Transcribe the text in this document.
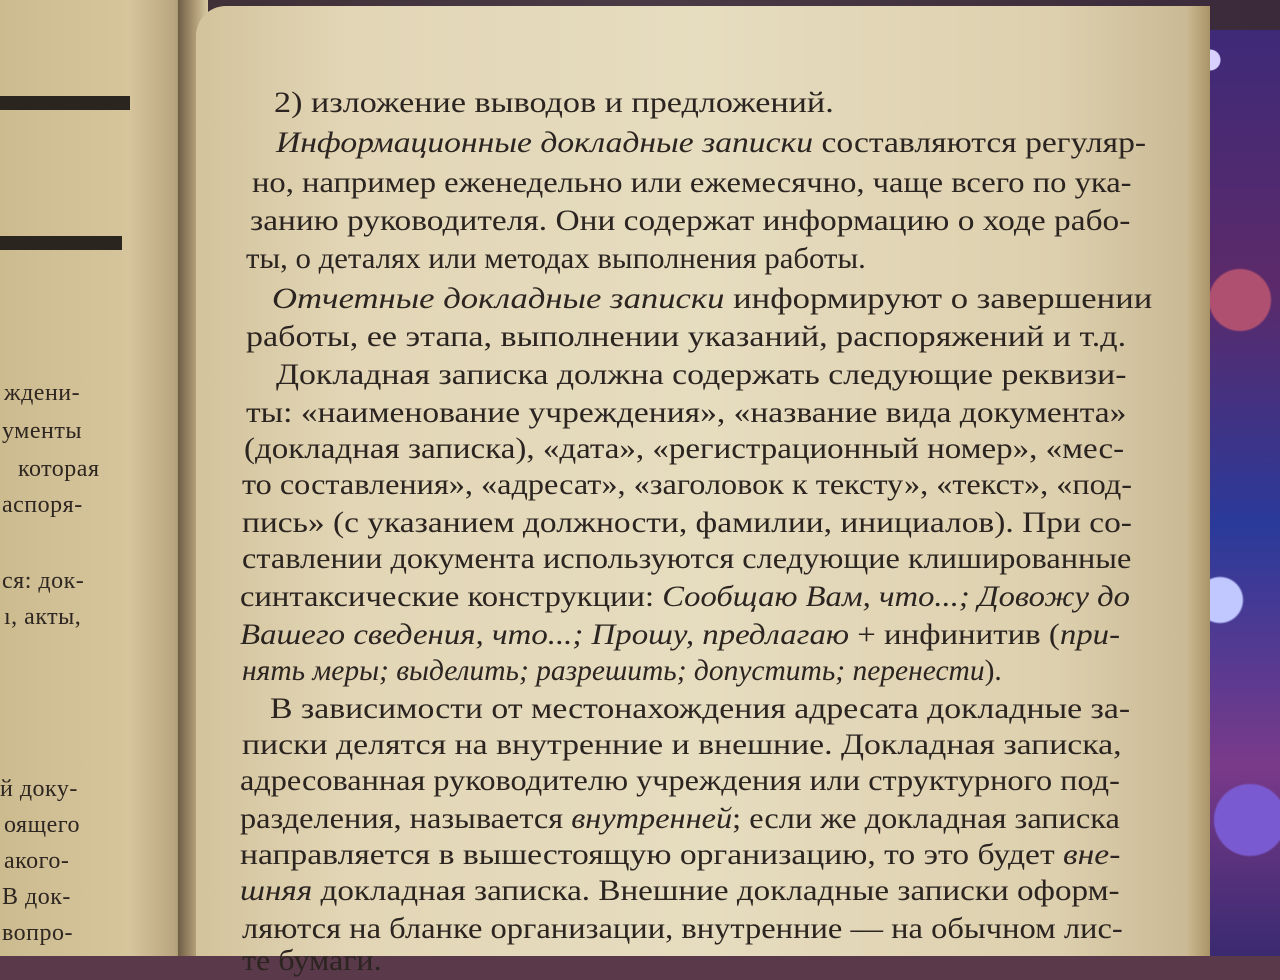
ждени-
ументы
которая
аспоря-
ся: док-
ı, акты,
й доку-
оящего
акого-
В док-
вопро-
2) изложение выводов и предложений.
Информационные докладные записки составляются регуляр-
но, например еженедельно или ежемесячно, чаще всего по ука-
занию руководителя. Они содержат информацию о ходе рабо-
ты, о деталях или методах выполнения работы.
Отчетные докладные записки информируют о завершении
работы, ее этапа, выполнении указаний, распоряжений и т.д.
Докладная записка должна содержать следующие реквизи-
ты: «наименование учреждения», «название вида документа»
(докладная записка), «дата», «регистрационный номер», «мес-
то составления», «адресат», «заголовок к тексту», «текст», «под-
пись» (с указанием должности, фамилии, инициалов). При со-
ставлении документа используются следующие клишированные
синтаксические конструкции: Сообщаю Вам, что...; Довожу до
Вашего сведения, что...; Прошу, предлагаю + инфинитив (при-
нять меры; выделить; разрешить; допустить; перенести).
В зависимости от местонахождения адресата докладные за-
писки делятся на внутренние и внешние. Докладная записка,
адресованная руководителю учреждения или структурного под-
разделения, называется внутренней; если же докладная записка
направляется в вышестоящую организацию, то это будет вне-
шняя докладная записка. Внешние докладные записки оформ-
ляются на бланке организации, внутренние — на обычном лис-
те бумаги.
